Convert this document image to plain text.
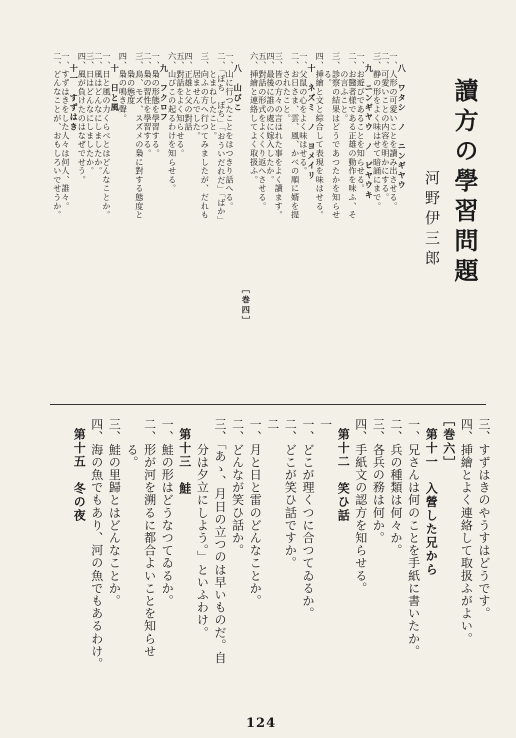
124
讀方の學習問題
河野伊三郎
八　ワタシ　ノ　ニンギヤウ
一、人形の可愛いことを讀み出させる。
二、可愛いことの内容を明かにする。
三、静の形をよく味はせて暗誦にまで。
九　ニンギヤウ　ノ　ビヤウキ
一、お遊びであることを知らせる。
二、お醫者様である正雄の動作を味ふ、そ
　　の言ふこと。
三、診察の結果はどうであつたかを知らせ
　　る。
四、挿繪と文と綜合して表現を味はせる。
十　ネズミ　ノ　ヨメイリ
一、父鼠の心をよく味はせる。
二、お日さま、雲、風、かべの順に婿を提
　　されたこと。
三、皆の方々の言はれた事をよく讀ます。
四、最後に誰の處に嫁入したか。
五、對話の形式をよくくり返へさせる。
六、挿繪と連絡してよく取扱ふ。
［巻四］
八　山びこ
一、山に行つたことをはつきり話へる。
二、「ぼち　ぼち」「おういだれだ」「ばか」
　　とまねしたこと。
三、向ふの方へ行つてみましたが、だれも
　　居ませんでした。
四、正雄と父の對話
五、對話をよく知らせる。
六、山びこの起るわけを知らせる。
九　フクロフ
一、梟の形態を學習する。
二、梟の習性を學習する。
三、鳥、モズ、スズメの梟に對する態度と
　　梟の態度
四、梟の鳴き聲。
十　日と風
一、日と風の力くらべとはどんなことか。
二、風はどんなにしましたか。
三、日はどんなにしましたか。
四、風が負けたのはなぜでせう。
十一　すずはき
一、すずはきをした人々は何人、誰々。
二、どんなことが、おもしろいでせうか。
三、すずはきのやうすはどうです。
四、挿繪とよく連絡して取扱ふがよい。
［巻六］
第十一　入營した兄から
一、兄さんは何のことを手紙に書いたか。
二、兵の種類は何々か。
三、各兵の務は何か。
四、手紙文の認方を知らせる。
第十二　笑ひ話
一
一、どこが理くつに合つてゐるか。
二、どこが笑ひ話ですか。
二
一、月と日と雷のどんなことか。
二、どんなが笑ひ話か。
三、「あゝ、月日の立つのは早いものだ。自
　　分は夕立にしよう。」といふわけ。
第十三　鮭
一、鮭の形はどうなつてゐるか。
二、形が河を溯るに都合よいことを知らせ
　　る。
三、鮭の里歸とはどんなことか。
四、海の魚でもあり、河の魚でもあるわけ。
第十五　冬の夜
